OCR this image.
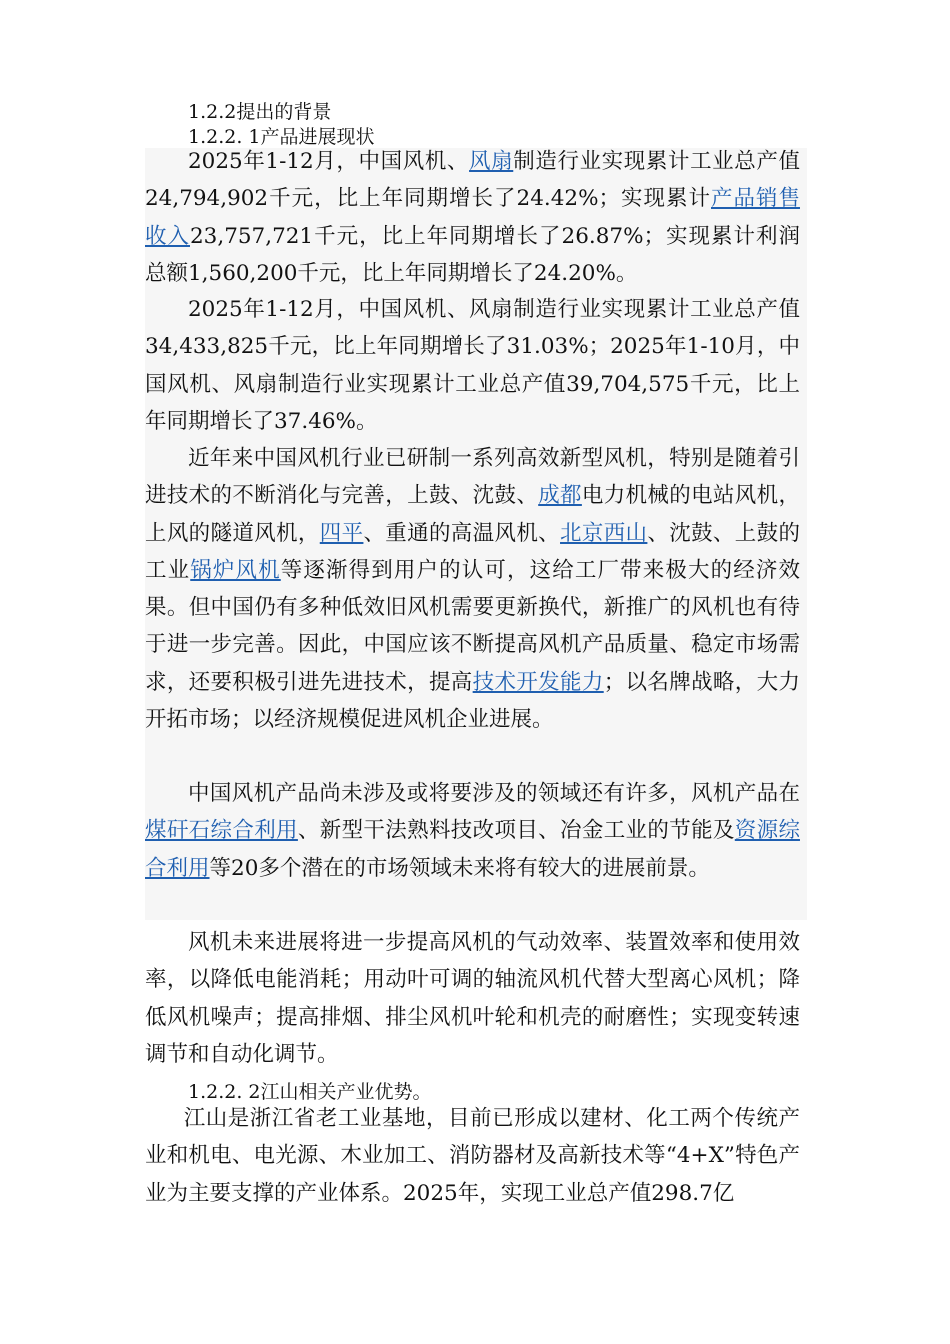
1.2.2提出的背景

1.2.2. 1产品进展现状

2025年1-12月，中国风机、风扇制造行业实现累计工业总产值24,794,902千元，比上年同期增长了24.42%；实现累计产品销售收入23,757,721千元，比上年同期增长了26.87%；实现累计利润总额1,560,200千元，比上年同期增长了24.20%。

2025年1-12月，中国风机、风扇制造行业实现累计工业总产值34,433,825千元，比上年同期增长了31.03%；2025年1-10月，中国风机、风扇制造行业实现累计工业总产值39,704,575千元，比上年同期增长了37.46%。

近年来中国风机行业已研制一系列高效新型风机，特别是随着引进技术的不断消化与完善，上鼓、沈鼓、成都电力机械的电站风机，上风的隧道风机，四平、重通的高温风机、北京西山、沈鼓、上鼓的工业锅炉风机等逐渐得到用户的认可，这给工厂带来极大的经济效果。但中国仍有多种低效旧风机需要更新换代，新推广的风机也有待于进一步完善。因此，中国应该不断提高风机产品质量、稳定市场需求，还要积极引进先进技术，提高技术开发能力；以名牌战略，大力开拓市场；以经济规模促进风机企业进展。

中国风机产品尚未涉及或将要涉及的领域还有许多，风机产品在煤矸石综合利用、新型干法熟料技改项目、冶金工业的节能及资源综合利用等20多个潜在的市场领域未来将有较大的进展前景。

风机未来进展将进一步提高风机的气动效率、装置效率和使用效率，以降低电能消耗；用动叶可调的轴流风机代替大型离心风机；降低风机噪声；提高排烟、排尘风机叶轮和机壳的耐磨性；实现变转速调节和自动化调节。

1.2.2. 2江山相关产业优势。

江山是浙江省老工业基地，目前已形成以建材、化工两个传统产业和机电、电光源、木业加工、消防器材及高新技术等“4+X”特色产业为主要支撑的产业体系。2025年，实现工业总产值298.7亿
